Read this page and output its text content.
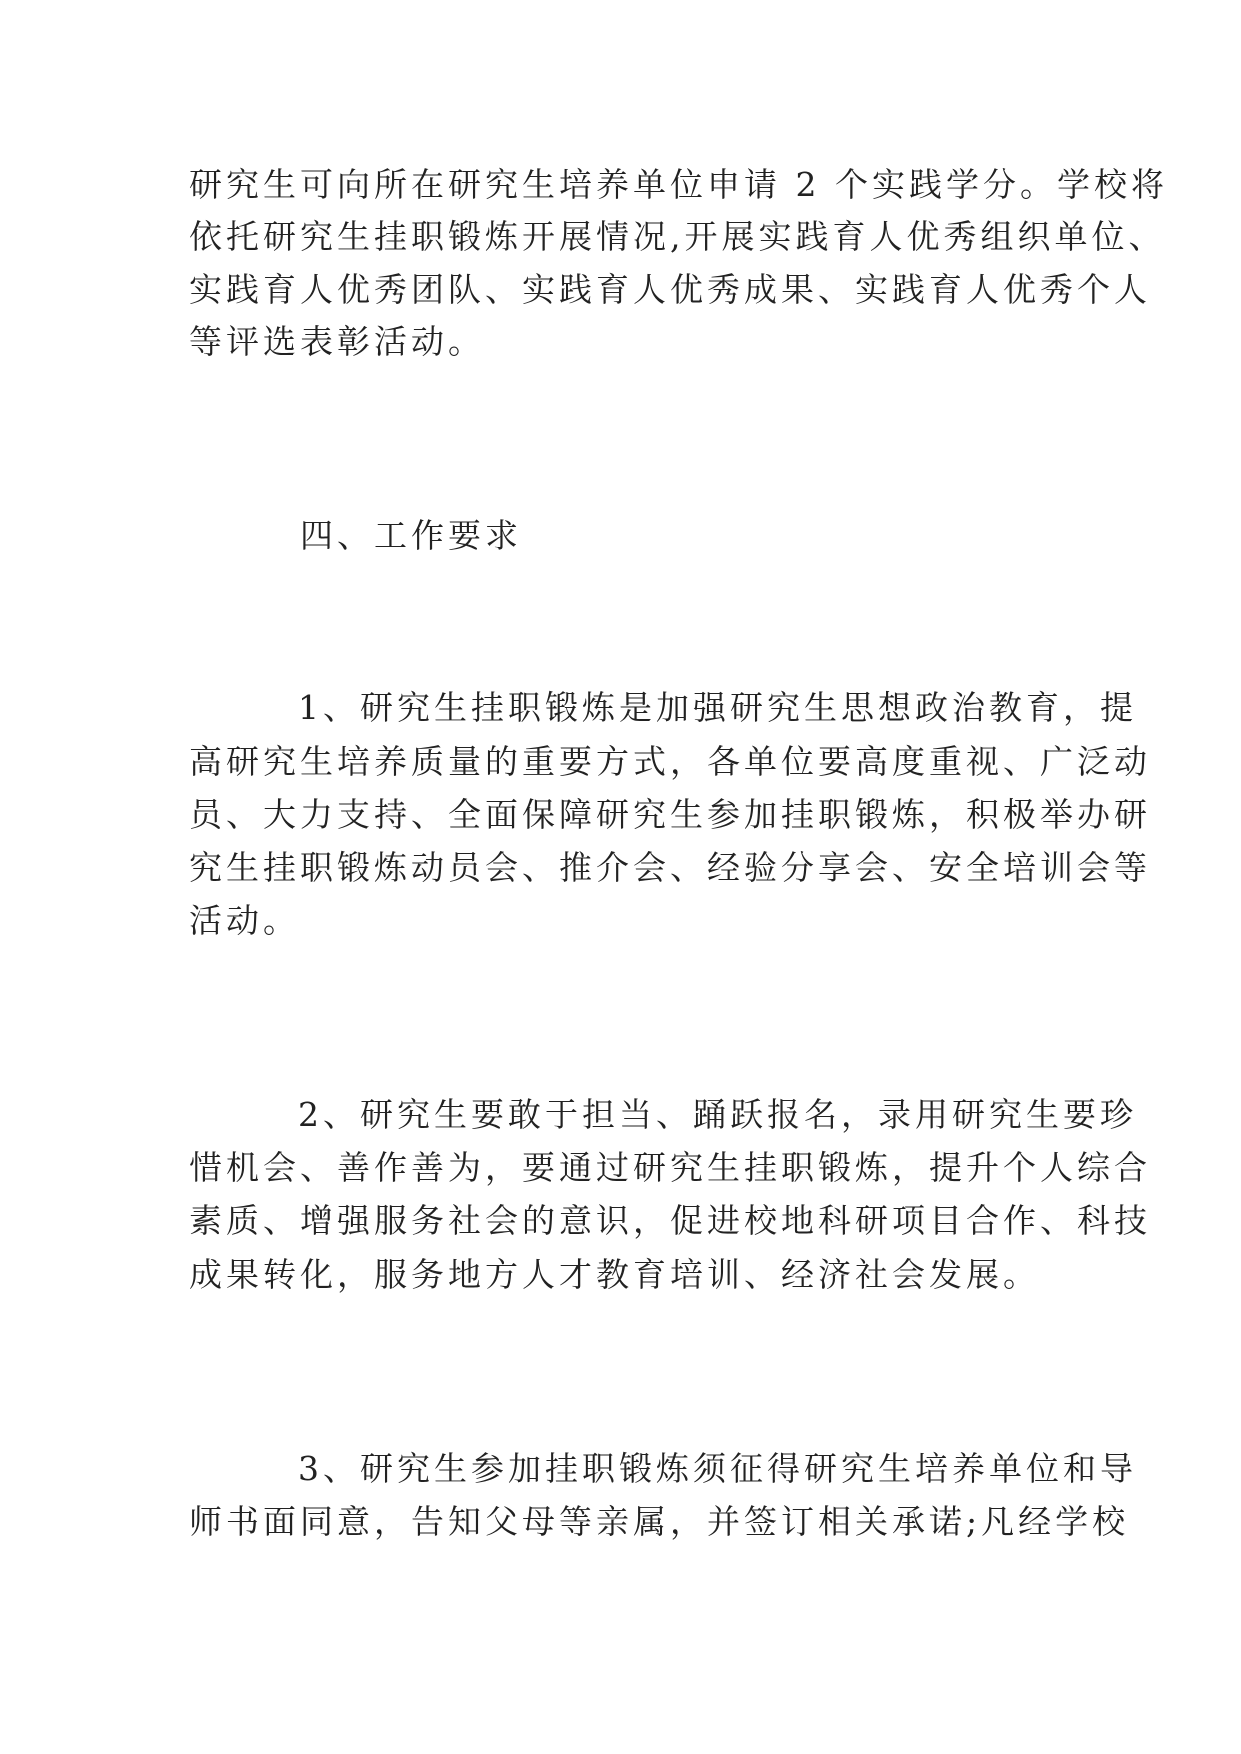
研究生可向所在研究生培养单位申请 2 个实践学分。学校将
依托研究生挂职锻炼开展情况,开展实践育人优秀组织单位、
实践育人优秀团队、实践育人优秀成果、实践育人优秀个人
等评选表彰活动。
四、工作要求
1、研究生挂职锻炼是加强研究生思想政治教育，提
高研究生培养质量的重要方式，各单位要高度重视、广泛动
员、大力支持、全面保障研究生参加挂职锻炼，积极举办研
究生挂职锻炼动员会、推介会、经验分享会、安全培训会等
活动。
2、研究生要敢于担当、踊跃报名，录用研究生要珍
惜机会、善作善为，要通过研究生挂职锻炼，提升个人综合
素质、增强服务社会的意识，促进校地科研项目合作、科技
成果转化，服务地方人才教育培训、经济社会发展。
3、研究生参加挂职锻炼须征得研究生培养单位和导
师书面同意，告知父母等亲属，并签订相关承诺;凡经学校
